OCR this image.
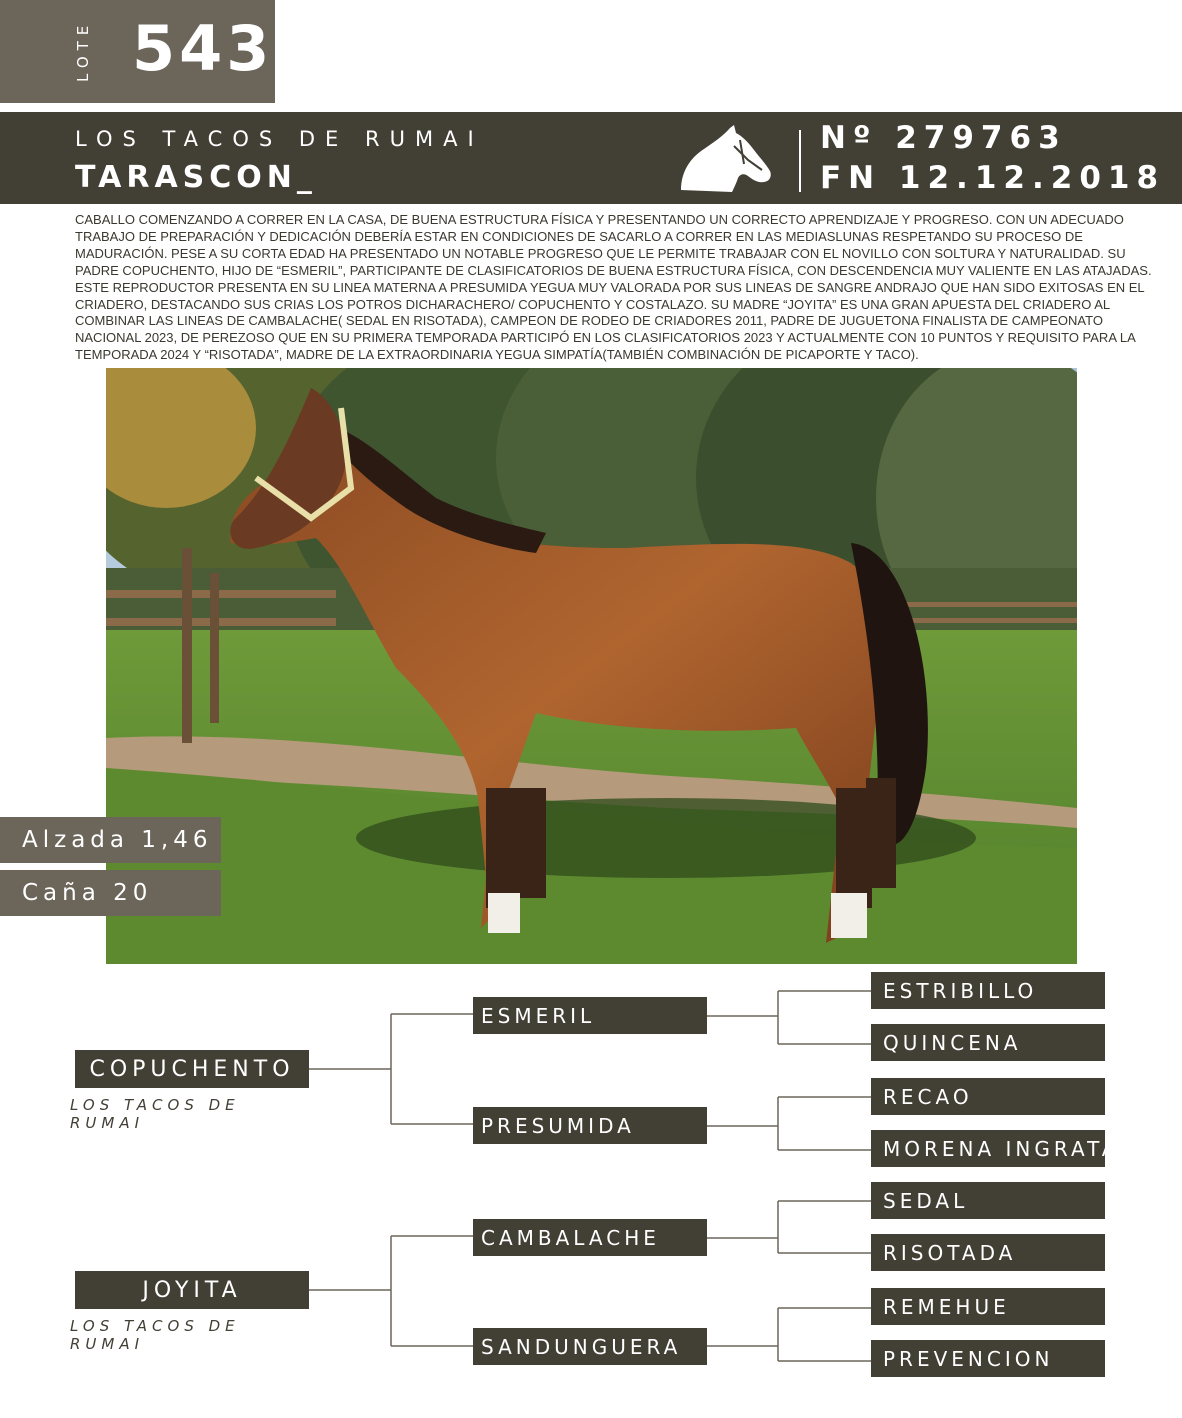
LOTE 543
LOS TACOS DE RUMAI
TARASCON_
Nº 279763
FN 12.12.2018
CABALLO COMENZANDO A CORRER EN LA CASA, DE BUENA ESTRUCTURA FÍSICA Y PRESENTANDO UN CORRECTO APRENDIZAJE Y PROGRESO. CON UN ADECUADO TRABAJO DE PREPARACIÓN Y DEDICACIÓN DEBERÍA ESTAR EN CONDICIONES DE SACARLO A CORRER EN LAS MEDIASLUNAS RESPETANDO SU PROCESO DE MADURACIÓN. PESE A SU CORTA EDAD HA PRESENTADO UN NOTABLE PROGRESO QUE LE PERMITE TRABAJAR CON EL NOVILLO CON SOLTURA Y NATURALIDAD. SU PADRE COPUCHENTO, HIJO DE “ESMERIL”, PARTICIPANTE DE CLASIFICATORIOS DE BUENA ESTRUCTURA FÍSICA, CON DESCENDENCIA MUY VALIENTE EN LAS ATAJADAS. ESTE REPRODUCTOR PRESENTA EN SU LINEA MATERNA A PRESUMIDA YEGUA MUY VALORADA POR SUS LINEAS DE SANGRE ANDRAJO QUE HAN SIDO EXITOSAS EN EL CRIADERO, DESTACANDO SUS CRIAS LOS POTROS DICHARACHERO/ COPUCHENTO Y COSTALAZO. SU MADRE “JOYITA” ES UNA GRAN APUESTA DEL CRIADERO AL COMBINAR LAS LINEAS DE CAMBALACHE( SEDAL EN RISOTADA), CAMPEON DE RODEO DE CRIADORES 2011, PADRE DE JUGUETONA FINALISTA DE CAMPEONATO NACIONAL 2023, DE PEREZOSO QUE EN SU PRIMERA TEMPORADA PARTICIPÓ EN LOS CLASIFICATORIOS 2023 Y ACTUALMENTE CON 10 PUNTOS Y REQUISITO PARA LA TEMPORADA 2024 Y “RISOTADA”, MADRE DE LA EXTRAORDINARIA YEGUA SIMPATÍA(TAMBIÉN COMBINACIÓN DE PICAPORTE Y TACO).
Alzada 1,46
Caña 20
COPUCHENTO
LOS TACOS DE RUMAI
JOYITA
LOS TACOS DE RUMAI
ESMERIL
PRESUMIDA
CAMBALACHE
SANDUNGUERA
ESTRIBILLO
QUINCENA
RECAO
MORENA INGRATA
SEDAL
RISOTADA
REMEHUE
PREVENCION
